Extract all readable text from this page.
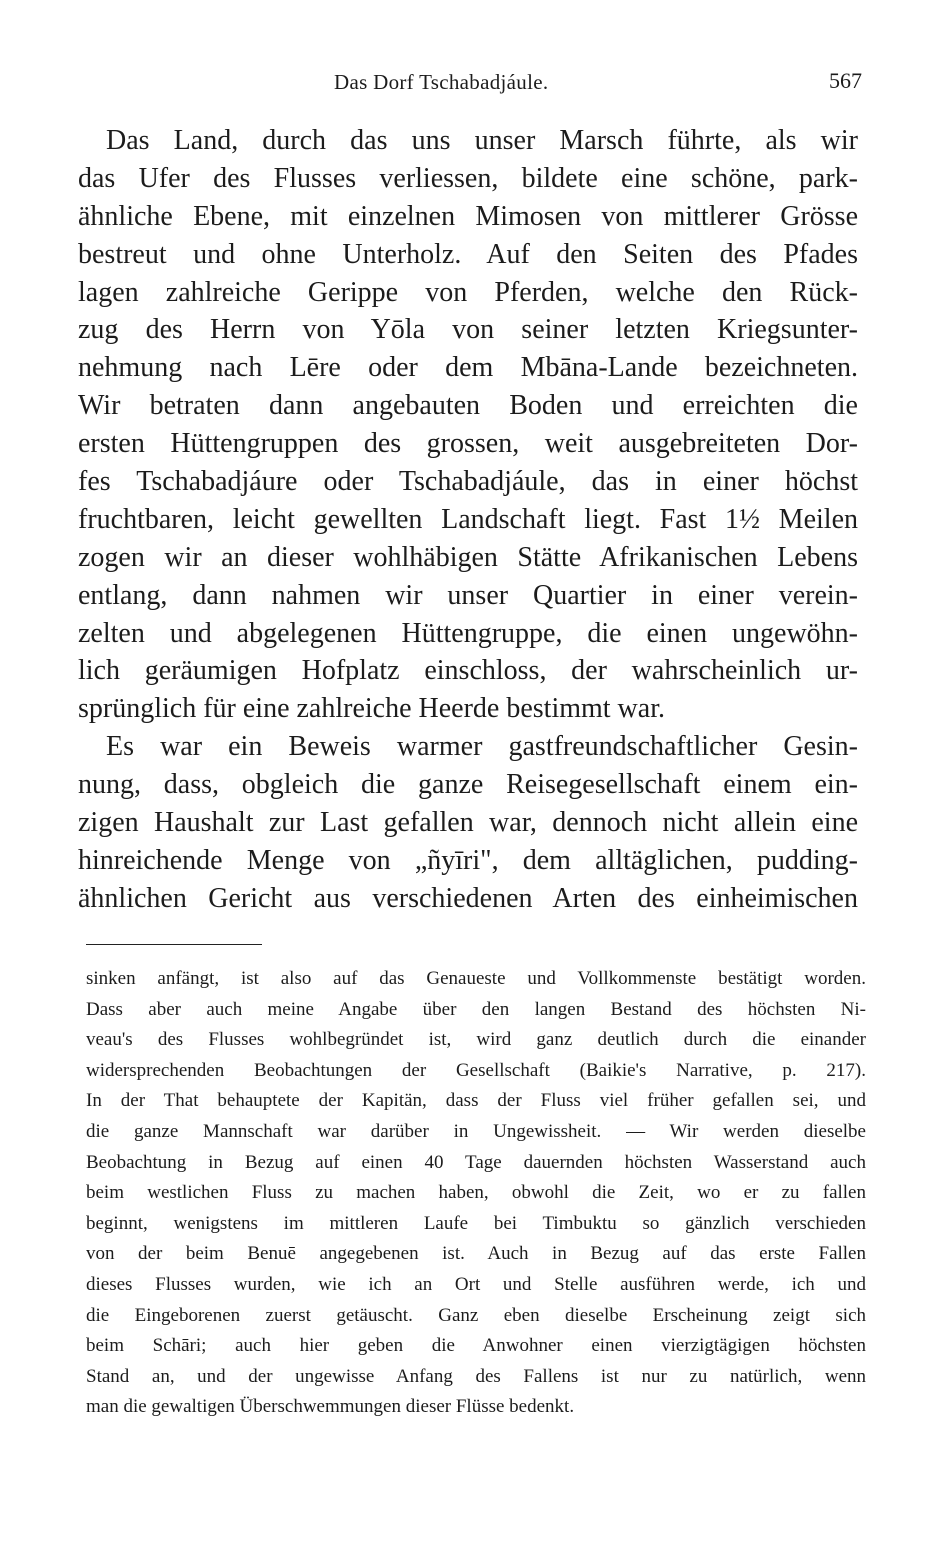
Das Dorf Tschabadjáule.	567
Das Land, durch das uns unser Marsch führte, als wir
das Ufer des Flusses verliessen, bildete eine schöne, park-
ähnliche Ebene, mit einzelnen Mimosen von mittlerer Grösse
bestreut und ohne Unterholz. Auf den Seiten des Pfades
lagen zahlreiche Gerippe von Pferden, welche den Rück-
zug des Herrn von Yōla von seiner letzten Kriegsunter-
nehmung nach Lēre oder dem Mbāna-Lande bezeichneten.
Wir betraten dann angebauten Boden und erreichten die
ersten Hüttengruppen des grossen, weit ausgebreiteten Dor-
fes Tschabadjáure oder Tschabadjáule, das in einer höchst
fruchtbaren, leicht gewellten Landschaft liegt. Fast 1½ Meilen
zogen wir an dieser wohlhäbigen Stätte Afrikanischen Lebens
entlang, dann nahmen wir unser Quartier in einer verein-
zelten und abgelegenen Hüttengruppe, die einen ungewöhn-
lich geräumigen Hofplatz einschloss, der wahrscheinlich ur-
sprünglich für eine zahlreiche Heerde bestimmt war.
Es war ein Beweis warmer gastfreundschaftlicher Gesin-
nung, dass, obgleich die ganze Reisegesellschaft einem ein-
zigen Haushalt zur Last gefallen war, dennoch nicht allein eine
hinreichende Menge von „ñyīri", dem alltäglichen, pudding-
ähnlichen Gericht aus verschiedenen Arten des einheimischen
sinken anfängt, ist also auf das Genaueste und Vollkommenste bestätigt worden.
Dass aber auch meine Angabe über den langen Bestand des höchsten Ni-
veau's des Flusses wohlbegründet ist, wird ganz deutlich durch die einander
widersprechenden Beobachtungen der Gesellschaft (Baikie's Narrative, p. 217).
In der That behauptete der Kapitän, dass der Fluss viel früher gefallen sei, und
die ganze Mannschaft war darüber in Ungewissheit. — Wir werden dieselbe
Beobachtung in Bezug auf einen 40 Tage dauernden höchsten Wasserstand auch
beim westlichen Fluss zu machen haben, obwohl die Zeit, wo er zu fallen
beginnt, wenigstens im mittleren Laufe bei Timbuktu so gänzlich verschieden
von der beim Benuē angegebenen ist. Auch in Bezug auf das erste Fallen
dieses Flusses wurden, wie ich an Ort und Stelle ausführen werde, ich und
die Eingeborenen zuerst getäuscht. Ganz eben dieselbe Erscheinung zeigt sich
beim Schāri; auch hier geben die Anwohner einen vierzigtägigen höchsten
Stand an, und der ungewisse Anfang des Fallens ist nur zu natürlich, wenn
man die gewaltigen Überschwemmungen dieser Flüsse bedenkt.
